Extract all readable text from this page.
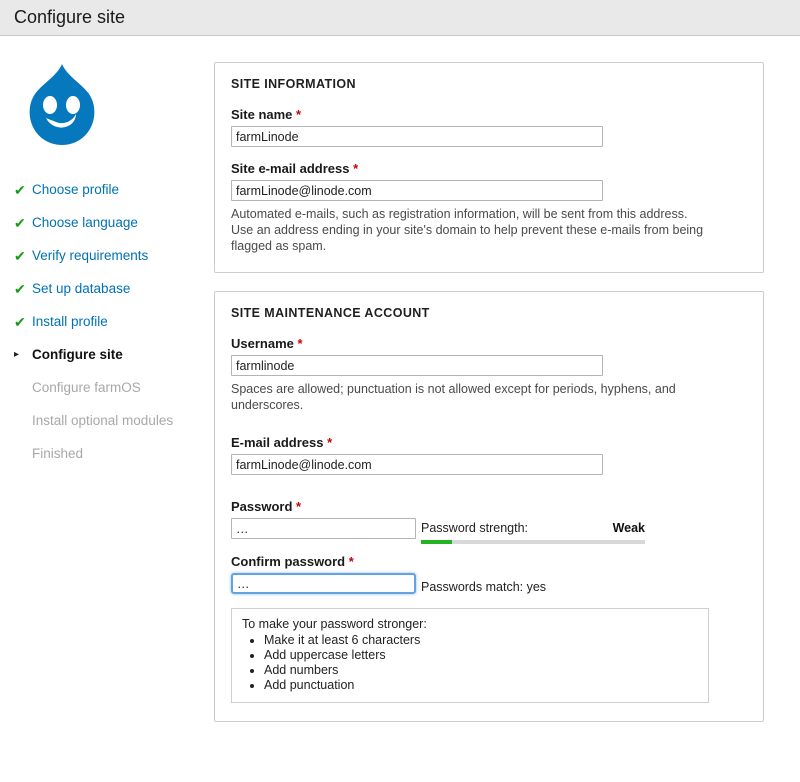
Configure site
✔ Choose profile
✔ Choose language
✔ Verify requirements
✔ Set up database
✔ Install profile
▸ Configure site
Configure farmOS
Install optional modules
Finished
SITE INFORMATION
Site name *
farmLinode
Site e-mail address *
farmLinode@linode.com
Automated e-mails, such as registration information, will be sent from this address. Use an address ending in your site's domain to help prevent these e-mails from being flagged as spam.
SITE MAINTENANCE ACCOUNT
Username *
farmlinode
Spaces are allowed; punctuation is not allowed except for periods, hyphens, and underscores.
E-mail address *
farmLinode@linode.com
Password *
…
Password strength:	Weak
Confirm password *
…
Passwords match: yes
To make your password stronger:
• Make it at least 6 characters
• Add uppercase letters
• Add numbers
• Add punctuation
